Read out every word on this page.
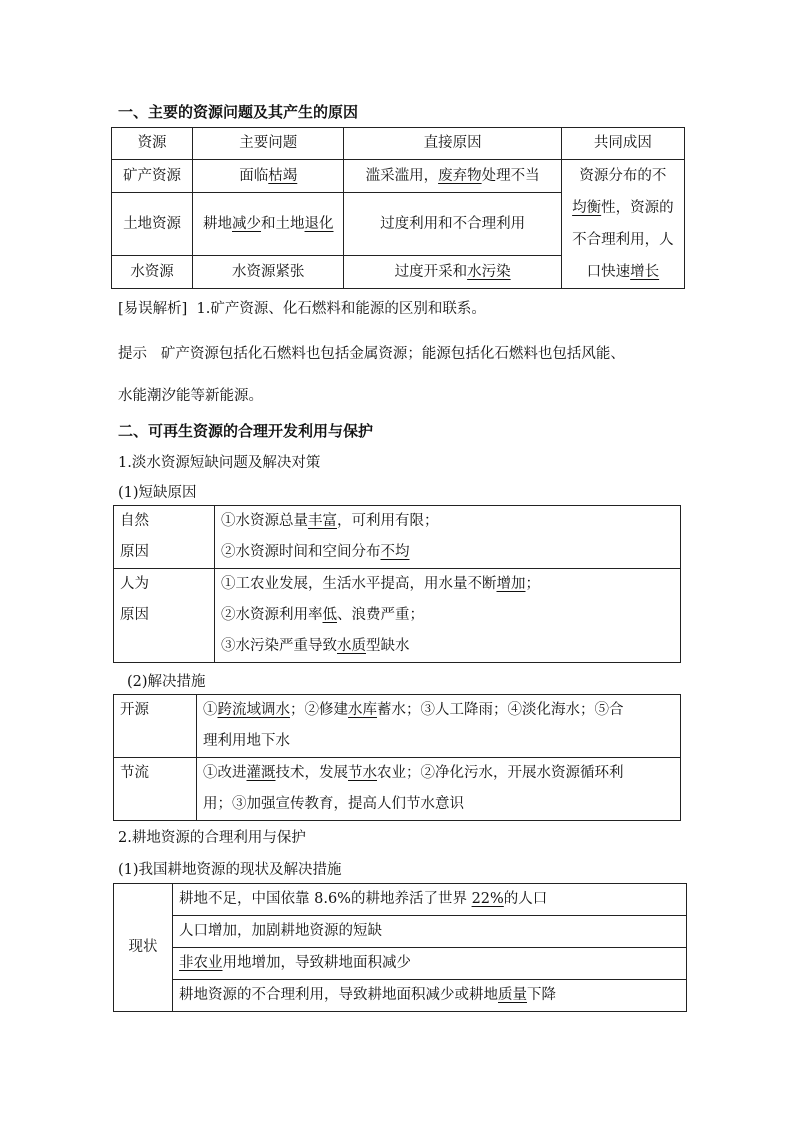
一、主要的资源问题及其产生的原因
资源	主要问题	直接原因	共同成因
矿产资源	面临枯竭	滥采滥用，废弃物处理不当	资源分布的不
均衡性，资源的
不合理利用，人
口快速增长
土地资源	耕地减少和土地退化	过度利用和不合理利用	
水资源	水资源紧张	过度开采和水污染	
[易误解析] 1.矿产资源、化石燃料和能源的区别和联系。
提示 矿产资源包括化石燃料也包括金属资源；能源包括化石燃料也包括风能、
水能潮汐能等新能源。
二、可再生资源的合理开发利用与保护
1.淡水资源短缺问题及解决对策
(1)短缺原因
自然
原因	①水资源总量丰富，可利用有限；
②水资源时间和空间分布不均
人为
原因	①工农业发展，生活水平提高，用水量不断增加；
②水资源利用率低、浪费严重；
③水污染严重导致水质型缺水
(2)解决措施
开源	①跨流域调水；②修建水库蓄水；③人工降雨；④淡化海水；⑤合
理利用地下水
节流	①改进灌溉技术，发展节水农业；②净化污水，开展水资源循环利
用；③加强宣传教育，提高人们节水意识
2.耕地资源的合理利用与保护
(1)我国耕地资源的现状及解决措施
现状	耕地不足，中国依靠 8.6%的耕地养活了世界 22%的人口
人口增加，加剧耕地资源的短缺
非农业用地增加，导致耕地面积减少
耕地资源的不合理利用，导致耕地面积减少或耕地质量下降
